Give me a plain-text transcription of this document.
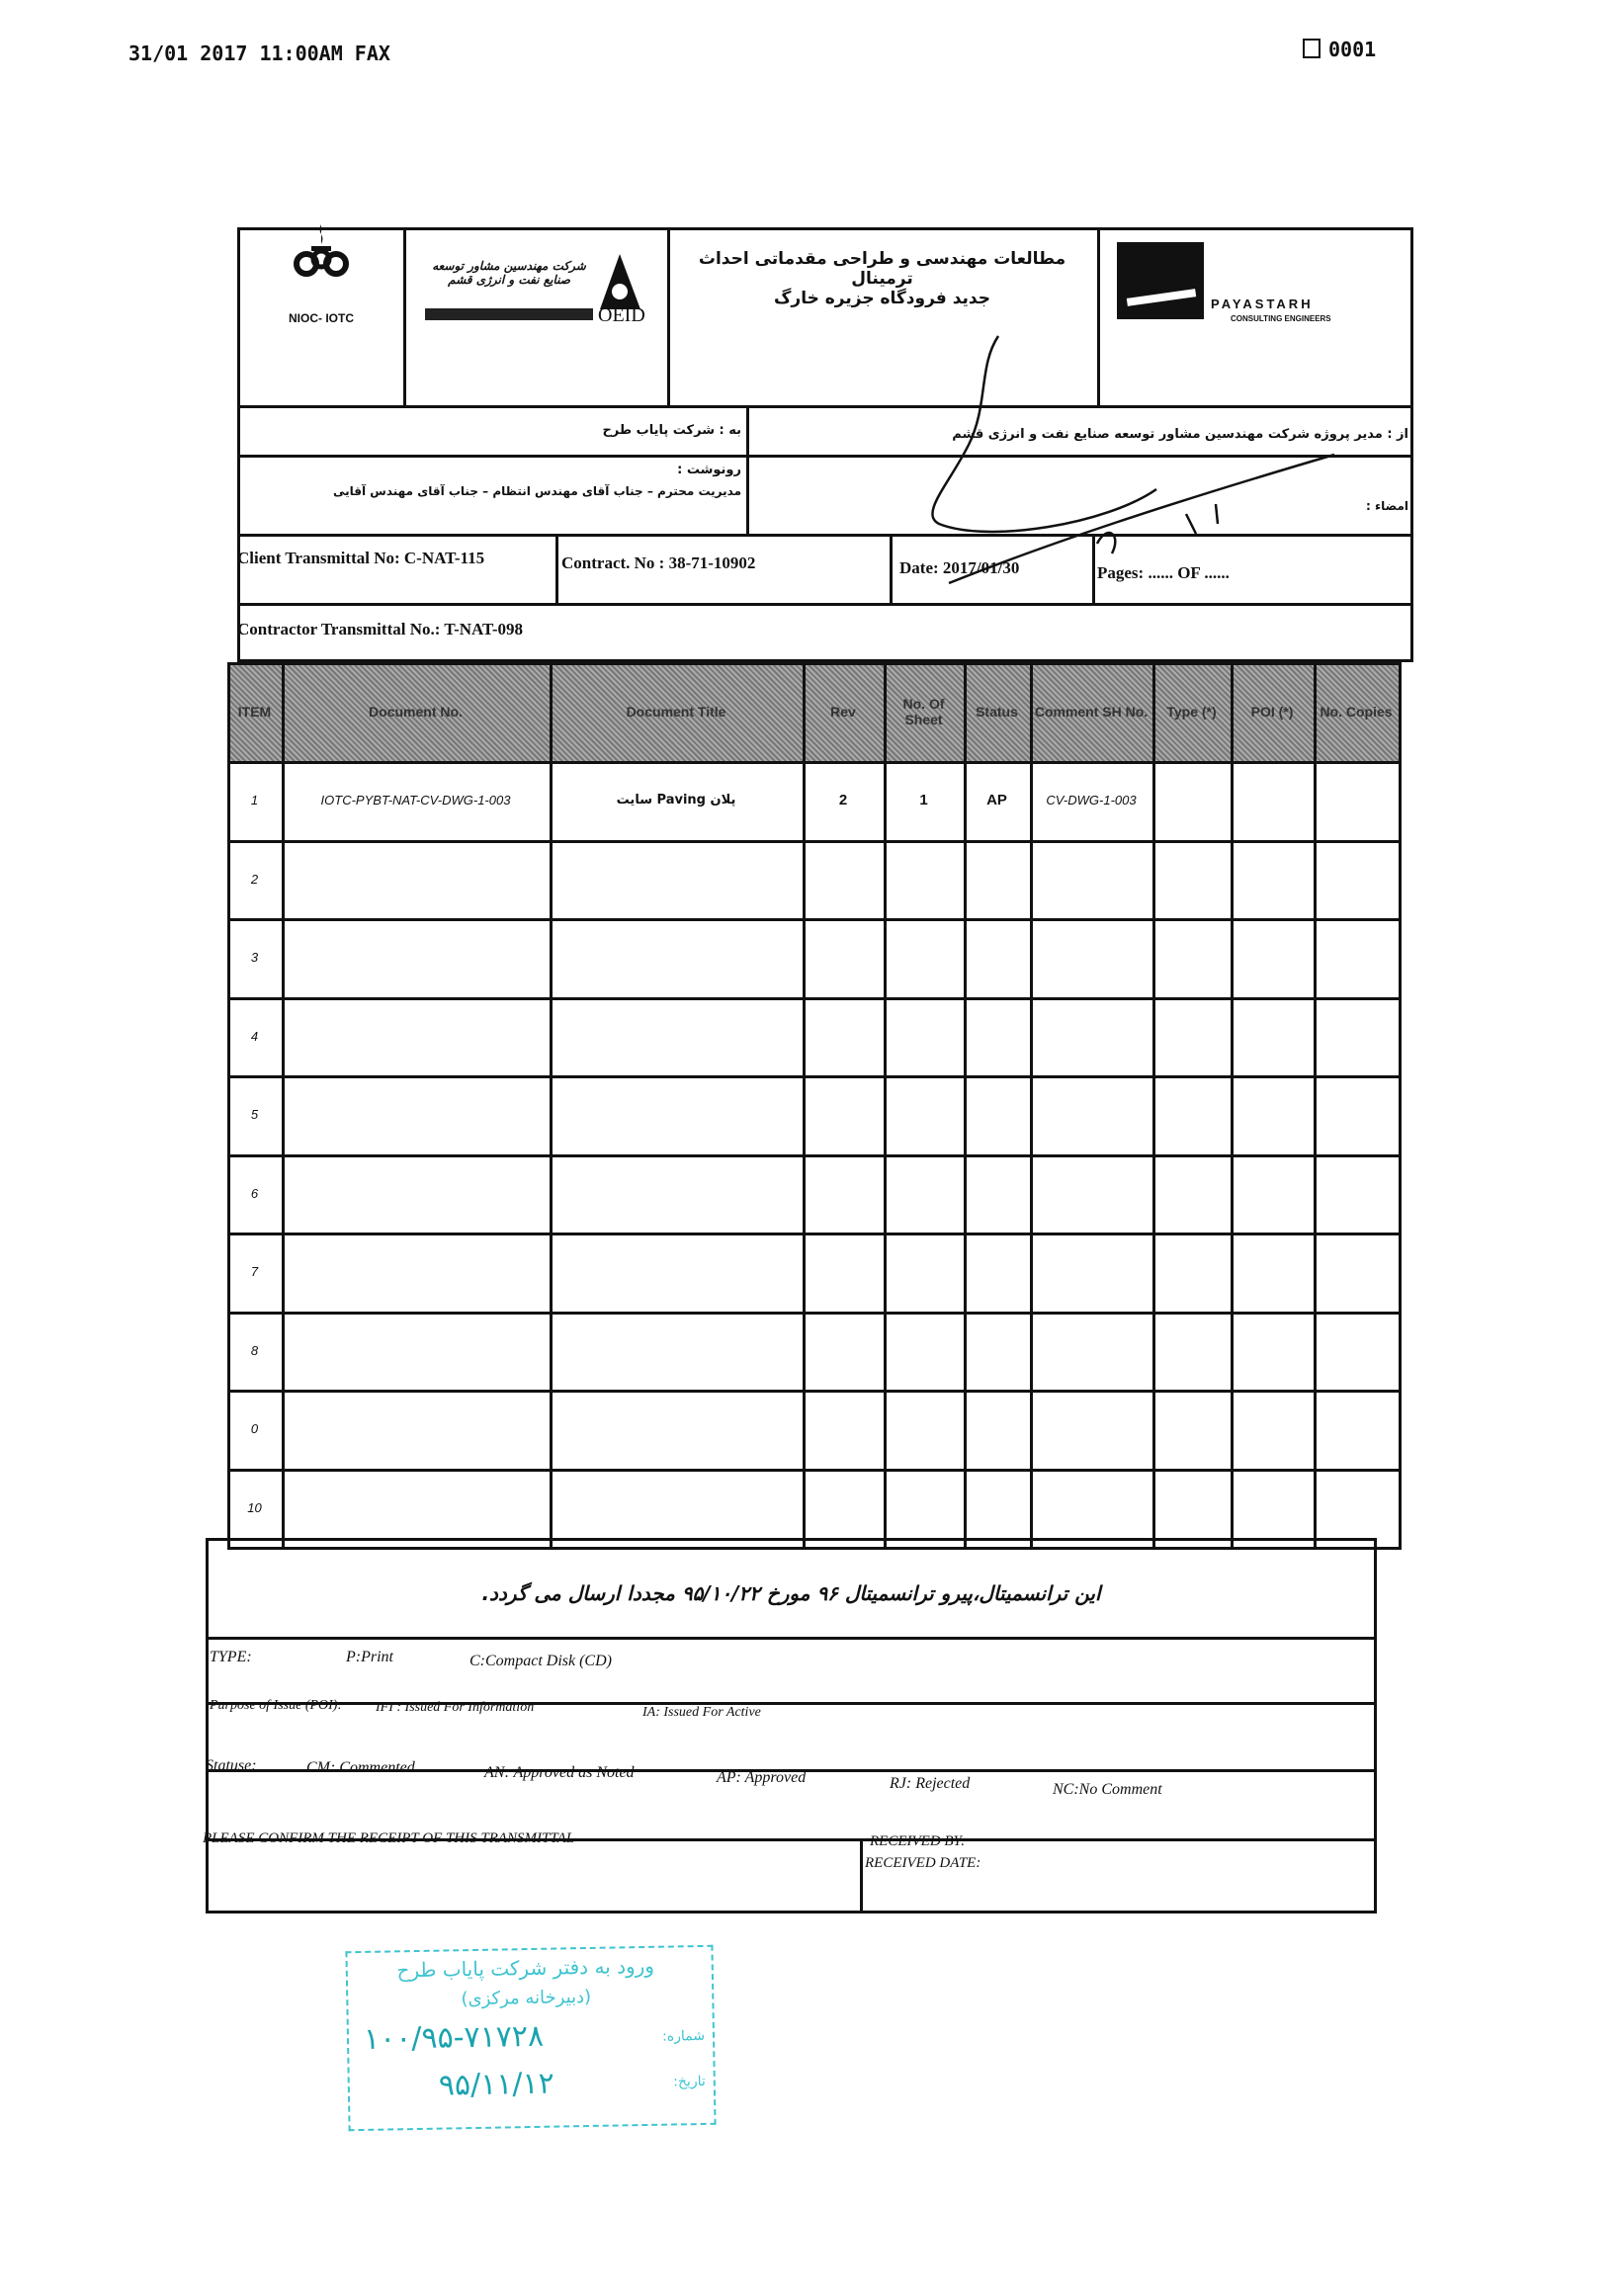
31/01 2017 11:00AM FAX	0001
NIOC- IOTC
شرکت مهندسین مشاور توسعه صنایع نفت و انرژی قشم
OEID
مطالعات مهندسی و طراحی مقدماتی احداث ترمینال
جدید فرودگاه جزیره خارگ	PAYASTARH
CONSULTING ENGINEERS
به : شرکت پایاب طرح	از : مدیر پروژه شرکت مهندسین مشاور توسعه صنایع نفت و انرژی قشم
رونوشت :
مدیریت محترم – جناب آقای مهندس انتظام – جناب آقای مهندس آقایی
امضاء :
Client Transmittal No: C-NAT-115	Contract. No : 38-71-10902	Date: 2017/01/30	Pages: ...... OF ......
Contractor Transmittal No.: T-NAT-098
ITEM	Document No.	Document Title	Rev	No. Of Sheet	Status	Comment SH No.	Type (*)	POI (*)	No. Copies
1	IOTC-PYBT-NAT-CV-DWG-1-003	پلان Paving سایت	2	1	AP	CV-DWG-1-003
2
3
4
5
6
7
8
0
10
این ترانسمیتال،پیرو ترانسمیتال ۹۶ مورخ ۹۵/۱۰/۲۲ مجددا ارسال می گردد.
TYPE:	P:Print	C:Compact Disk (CD)
Purpose of Issue (POI): IFI : Issued For Information	IA: Issued For Active
Statuse:	CM: Commented	AN: Approved as Noted	AP: Approved	RJ: Rejected	NC:No Comment
PLEASE CONFIRM THE RECEIPT OF THIS TRANSMITTAL	RECEIVED BY:
RECEIVED DATE:
ورود به دفتر شرکت پایاب طرح
(دبیرخانه مرکزی)
شماره:
۱۰۰/۹۵-۷۱۷۲۸
تاریخ:
۹۵/۱۱/۱۲
